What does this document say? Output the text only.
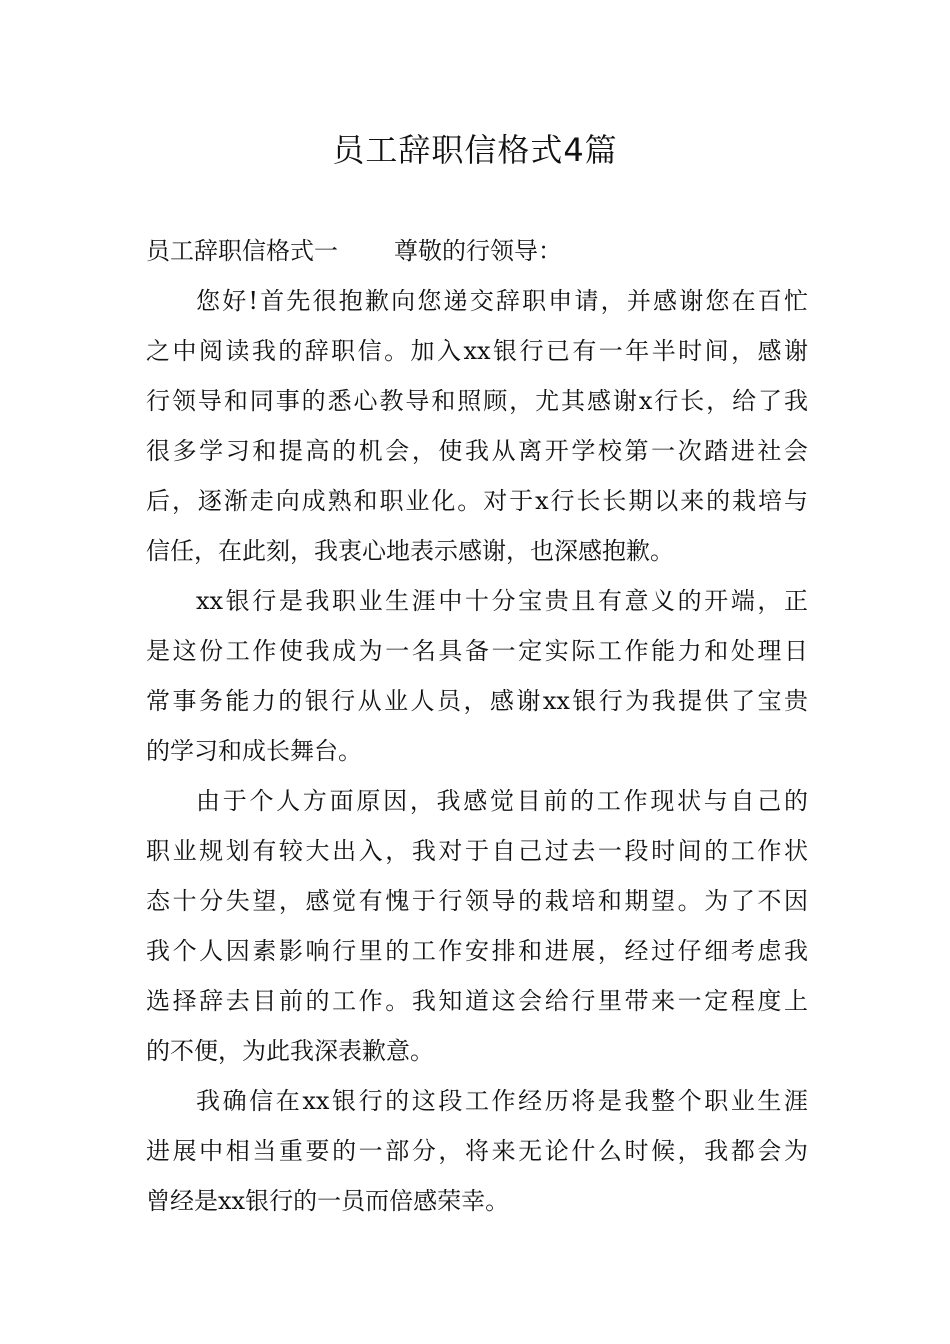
员工辞职信格式4篇
员工辞职信格式一 尊敬的行领导：
您好!首先很抱歉向您递交辞职申请，并感谢您在百忙
之中阅读我的辞职信。加入xx银行已有一年半时间，感谢
行领导和同事的悉心教导和照顾，尤其感谢x行长，给了我
很多学习和提高的机会，使我从离开学校第一次踏进社会
后，逐渐走向成熟和职业化。对于x行长长期以来的栽培与
信任，在此刻，我衷心地表示感谢，也深感抱歉。
xx银行是我职业生涯中十分宝贵且有意义的开端，正
是这份工作使我成为一名具备一定实际工作能力和处理日
常事务能力的银行从业人员，感谢xx银行为我提供了宝贵
的学习和成长舞台。
由于个人方面原因，我感觉目前的工作现状与自己的
职业规划有较大出入，我对于自己过去一段时间的工作状
态十分失望，感觉有愧于行领导的栽培和期望。为了不因
我个人因素影响行里的工作安排和进展，经过仔细考虑我
选择辞去目前的工作。我知道这会给行里带来一定程度上
的不便，为此我深表歉意。
我确信在xx银行的这段工作经历将是我整个职业生涯
进展中相当重要的一部分，将来无论什么时候，我都会为
曾经是xx银行的一员而倍感荣幸。
